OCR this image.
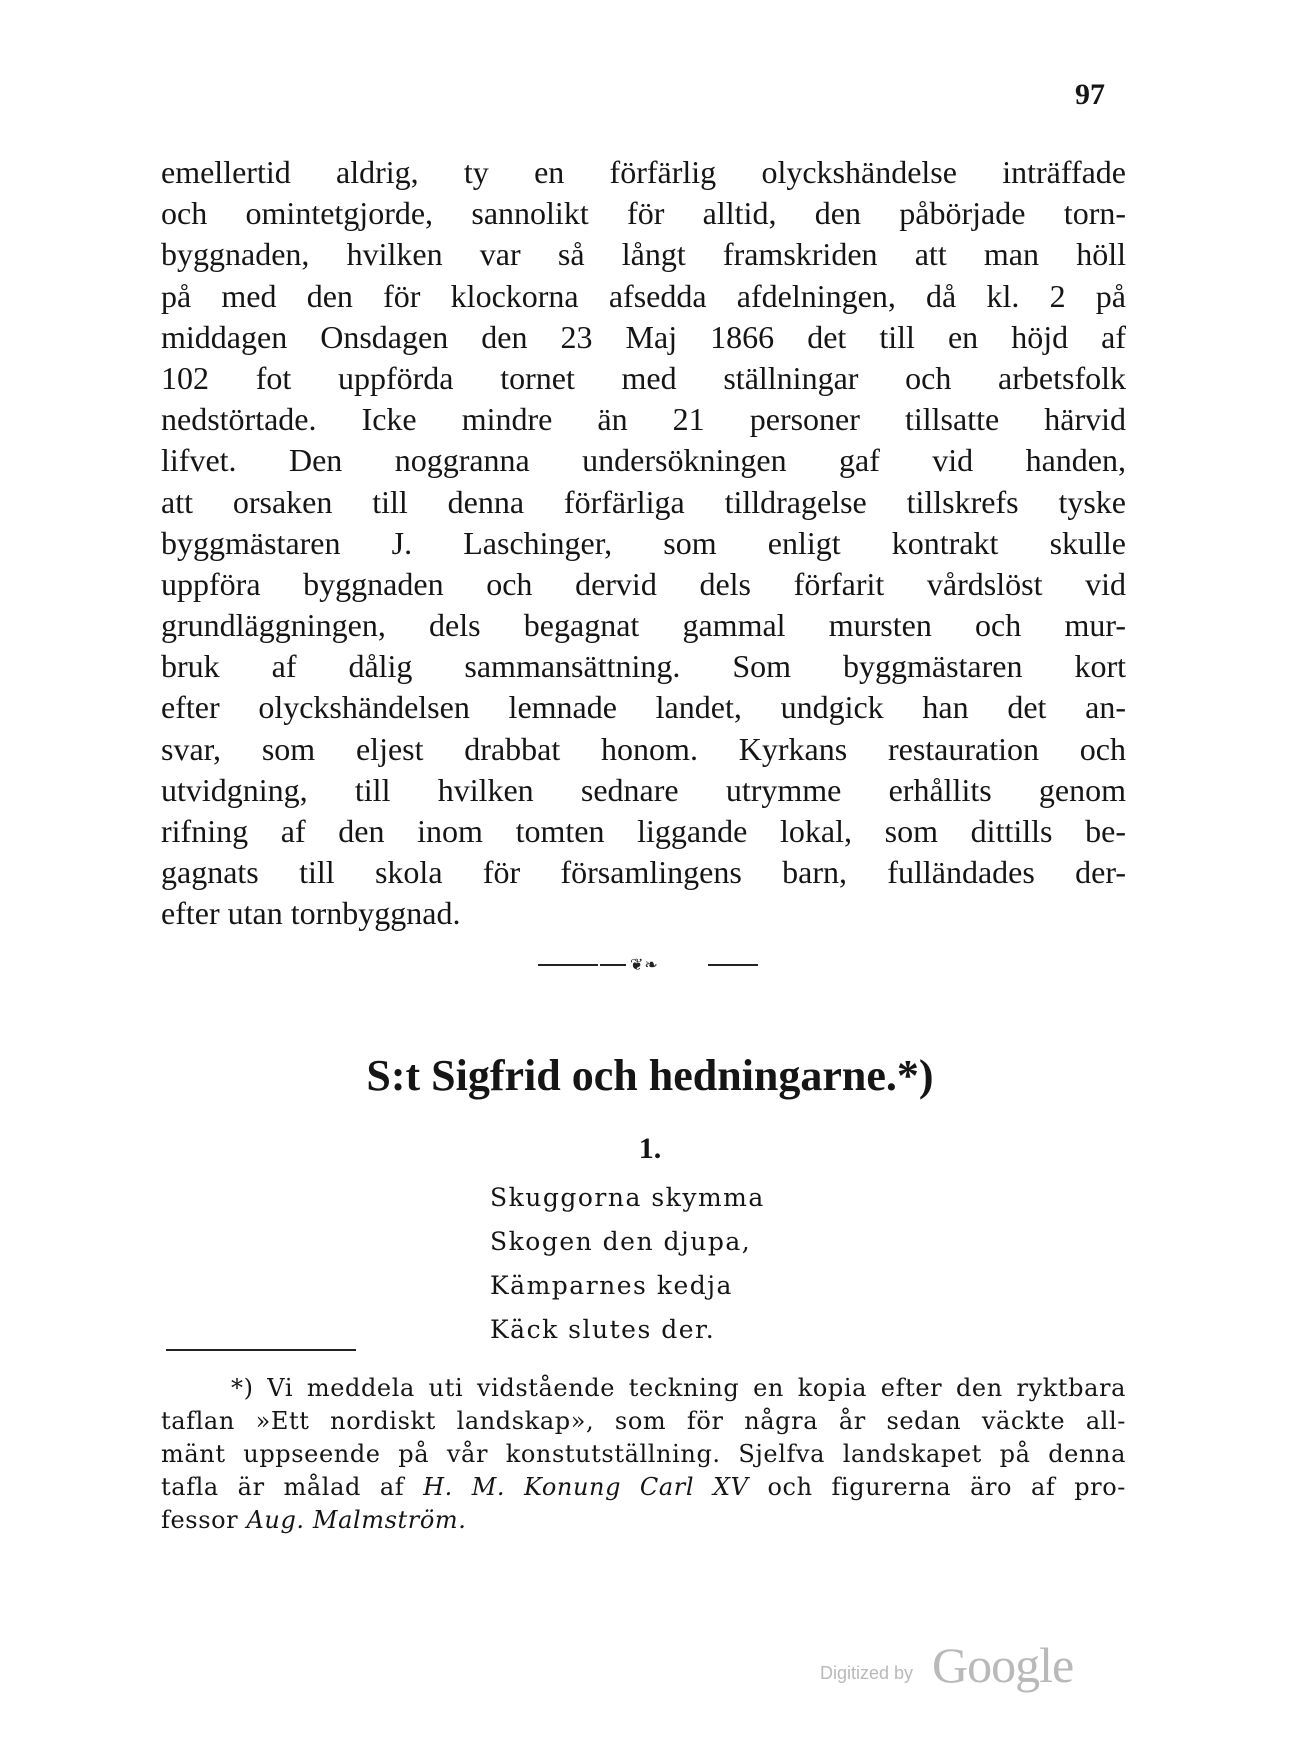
97
emellertid aldrig, ty en förfärlig olyckshändelse inträffade
och omintetgjorde, sannolikt för alltid, den påbörjade torn-
byggnaden, hvilken var så långt framskriden att man höll
på med den för klockorna afsedda afdelningen, då kl. 2 på
middagen Onsdagen den 23 Maj 1866 det till en höjd af
102 fot uppförda tornet med ställningar och arbetsfolk
nedstörtade. Icke mindre än 21 personer tillsatte härvid
lifvet. Den noggranna undersökningen gaf vid handen,
att orsaken till denna förfärliga tilldragelse tillskrefs tyske
byggmästaren J. Laschinger, som enligt kontrakt skulle
uppföra byggnaden och dervid dels förfarit vårdslöst vid
grundläggningen, dels begagnat gammal mursten och mur-
bruk af dålig sammansättning. Som byggmästaren kort
efter olyckshändelsen lemnade landet, undgick han det an-
svar, som eljest drabbat honom. Kyrkans restauration och
utvidgning, till hvilken sednare utrymme erhållits genom
rifning af den inom tomten liggande lokal, som dittills be-
gagnats till skola för församlingens barn, fulländades der-
efter utan tornbyggnad.
❦❧
S:t Sigfrid och hedningarne.*)
1.
Skuggorna skymma
Skogen den djupa,
Kämparnes kedja
Käck slutes der.
*) Vi meddela uti vidstående teckning en kopia efter den ryktbara
taflan »Ett nordiskt landskap», som för några år sedan väckte all-
mänt uppseende på vår konstutställning. Sjelfva landskapet på denna
tafla är målad af H. M. Konung Carl XV och figurerna äro af pro-
fessor Aug. Malmström.
Digitized by Google
